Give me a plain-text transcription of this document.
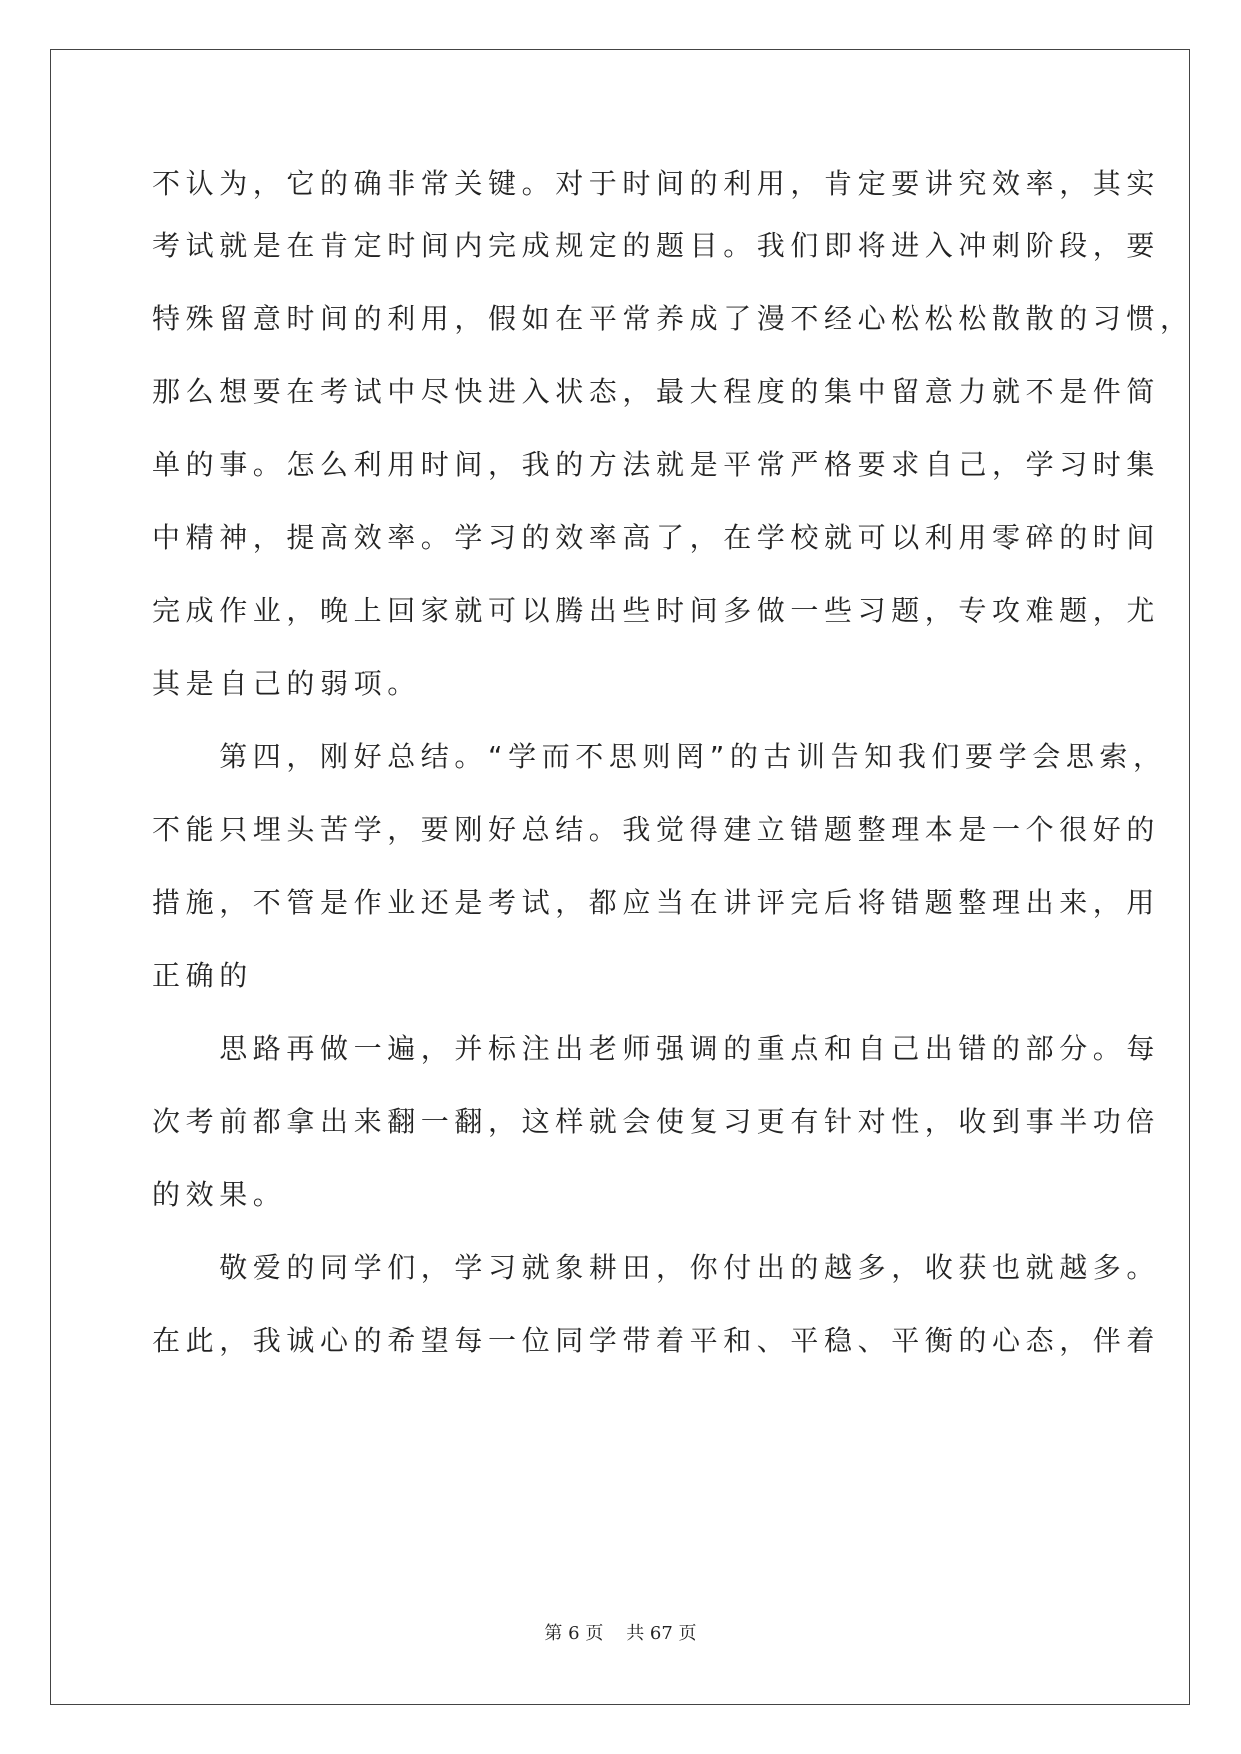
不认为，它的确非常关键。对于时间的利用，肯定要讲究效率，其实
考试就是在肯定时间内完成规定的题目。我们即将进入冲刺阶段，要
特殊留意时间的利用，假如在平常养成了漫不经心松松松散散的习惯，
那么想要在考试中尽快进入状态，最大程度的集中留意力就不是件简
单的事。怎么利用时间，我的方法就是平常严格要求自己，学习时集
中精神，提高效率。学习的效率高了，在学校就可以利用零碎的时间
完成作业，晚上回家就可以腾出些时间多做一些习题，专攻难题，尤
其是自己的弱项。
　　第四，刚好总结。“学而不思则罔”的古训告知我们要学会思索，
不能只埋头苦学，要刚好总结。我觉得建立错题整理本是一个很好的
措施，不管是作业还是考试，都应当在讲评完后将错题整理出来，用
正确的
　　思路再做一遍，并标注出老师强调的重点和自己出错的部分。每
次考前都拿出来翻一翻，这样就会使复习更有针对性，收到事半功倍
的效果。
　　敬爱的同学们，学习就象耕田，你付出的越多，收获也就越多。
在此，我诚心的希望每一位同学带着平和、平稳、平衡的心态，伴着
第 6 页    共 67 页
